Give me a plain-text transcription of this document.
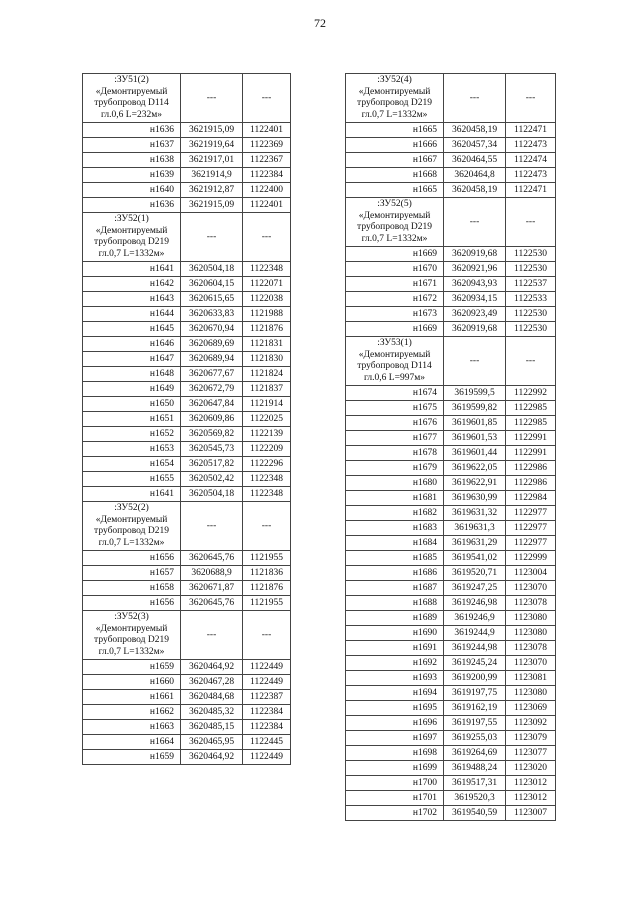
72
:ЗУ51(2)
«Демонтируемый трубопровод D114 гл.0,6 L=232м»	---	---
н1636	3621915,09	1122401
н1637	3621919,64	1122369
н1638	3621917,01	1122367
н1639	3621914,9	1122384
н1640	3621912,87	1122400
н1636	3621915,09	1122401
:ЗУ52(1)
«Демонтируемый трубопровод D219 гл.0,7 L=1332м»	---	---
н1641	3620504,18	1122348
н1642	3620604,15	1122071
н1643	3620615,65	1122038
н1644	3620633,83	1121988
н1645	3620670,94	1121876
н1646	3620689,69	1121831
н1647	3620689,94	1121830
н1648	3620677,67	1121824
н1649	3620672,79	1121837
н1650	3620647,84	1121914
н1651	3620609,86	1122025
н1652	3620569,82	1122139
н1653	3620545,73	1122209
н1654	3620517,82	1122296
н1655	3620502,42	1122348
н1641	3620504,18	1122348
:ЗУ52(2)
«Демонтируемый трубопровод D219 гл.0,7 L=1332м»	---	---
н1656	3620645,76	1121955
н1657	3620688,9	1121836
н1658	3620671,87	1121876
н1656	3620645,76	1121955
:ЗУ52(3)
«Демонтируемый трубопровод D219 гл.0,7 L=1332м»	---	---
н1659	3620464,92	1122449
н1660	3620467,28	1122449
н1661	3620484,68	1122387
н1662	3620485,32	1122384
н1663	3620485,15	1122384
н1664	3620465,95	1122445
н1659	3620464,92	1122449
:ЗУ52(4)
«Демонтируемый трубопровод D219 гл.0,7 L=1332м»	---	---
н1665	3620458,19	1122471
н1666	3620457,34	1122473
н1667	3620464,55	1122474
н1668	3620464,8	1122473
н1665	3620458,19	1122471
:ЗУ52(5)
«Демонтируемый трубопровод D219 гл.0,7 L=1332м»	---	---
н1669	3620919,68	1122530
н1670	3620921,96	1122530
н1671	3620943,93	1122537
н1672	3620934,15	1122533
н1673	3620923,49	1122530
н1669	3620919,68	1122530
:ЗУ53(1)
«Демонтируемый трубопровод D114 гл.0,6 L=997м»	---	---
н1674	3619599,5	1122992
н1675	3619599,82	1122985
н1676	3619601,85	1122985
н1677	3619601,53	1122991
н1678	3619601,44	1122991
н1679	3619622,05	1122986
н1680	3619622,91	1122986
н1681	3619630,99	1122984
н1682	3619631,32	1122977
н1683	3619631,3	1122977
н1684	3619631,29	1122977
н1685	3619541,02	1122999
н1686	3619520,71	1123004
н1687	3619247,25	1123070
н1688	3619246,98	1123078
н1689	3619246,9	1123080
н1690	3619244,9	1123080
н1691	3619244,98	1123078
н1692	3619245,24	1123070
н1693	3619200,99	1123081
н1694	3619197,75	1123080
н1695	3619162,19	1123069
н1696	3619197,55	1123092
н1697	3619255,03	1123079
н1698	3619264,69	1123077
н1699	3619488,24	1123020
н1700	3619517,31	1123012
н1701	3619520,3	1123012
н1702	3619540,59	1123007
